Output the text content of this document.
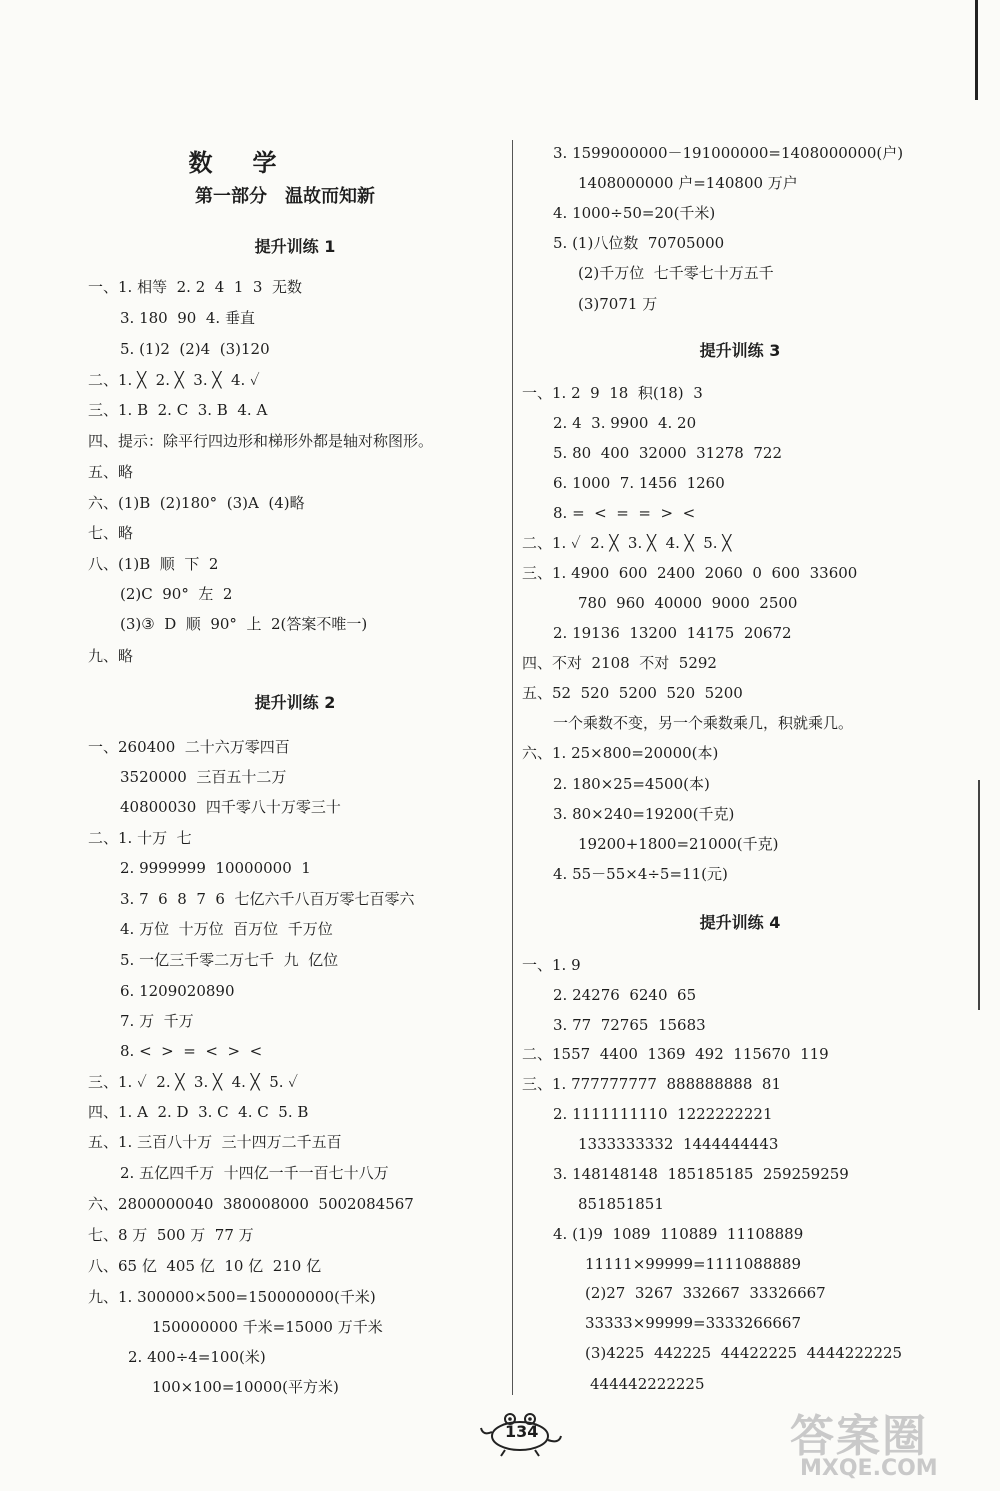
数学
第一部分　温故而知新
提升训练 1
提升训练 2
一、1. 相等  2. 2  4  1  3  无数
3. 180  90  4. 垂直
5. (1)2  (2)4  (3)120
二、1. ╳  2. ╳  3. ╳  4. ✓
三、1. B  2. C  3. B  4. A
四、提示：除平行四边形和梯形外都是轴对称图形。
五、略
六、(1)B  (2)180°  (3)A  (4)略
七、略
八、(1)B  顺  下  2
(2)C  90°  左  2
(3)③  D  顺  90°  上  2(答案不唯一)
九、略
一、260400  二十六万零四百
3520000  三百五十二万
40800030  四千零八十万零三十
二、1. 十万  七
2. 9999999  10000000  1
3. 7  6  8  7  6  七亿六千八百万零七百零六
4. 万位  十万位  百万位  千万位
5. 一亿三千零二万七千  九  亿位
6. 1209020890
7. 万  千万
8. <  >  =  <  >  <
三、1. ✓  2. ╳  3. ╳  4. ╳  5. ✓
四、1. A  2. D  3. C  4. C  5. B
五、1. 三百八十万  三十四万二千五百
2. 五亿四千万  十四亿一千一百七十八万
六、2800000040  380008000  5002084567
七、8 万  500 万  77 万
八、65 亿  405 亿  10 亿  210 亿
九、1. 300000×500=150000000(千米)
150000000 千米=15000 万千米
2. 400÷4=100(米)
100×100=10000(平方米)
3. 1599000000－191000000=1408000000(户)
1408000000 户=140800 万户
4. 1000÷50=20(千米)
5. (1)八位数  70705000
(2)千万位  七千零七十万五千
(3)7071 万
提升训练 3
一、1. 2  9  18  积(18)  3
2. 4  3. 9900  4. 20
5. 80  400  32000  31278  722
6. 1000  7. 1456  1260
8. =  <  =  =  >  <
二、1. ✓  2. ╳  3. ╳  4. ╳  5. ╳
三、1. 4900  600  2400  2060  0  600  33600
780  960  40000  9000  2500
2. 19136  13200  14175  20672
四、不对  2108  不对  5292
五、52  520  5200  520  5200
一个乘数不变，另一个乘数乘几，积就乘几。
六、1. 25×800=20000(本)
2. 180×25=4500(本)
3. 80×240=19200(千克)
19200+1800=21000(千克)
4. 55－55×4÷5=11(元)
提升训练 4
一、1. 9
2. 24276  6240  65
3. 77  72765  15683
二、1557  4400  1369  492  115670  119
三、1. 777777777  888888888  81
2. 1111111110  1222222221
1333333332  1444444443
3. 148148148  185185185  259259259
851851851
4. (1)9  1089  110889  11108889
11111×99999=1111088889
(2)27  3267  332667  33326667
33333×99999=3333266667
(3)4225  442225  44422225  4444222225
444442222225
134	答案圈
MXQE.COM
